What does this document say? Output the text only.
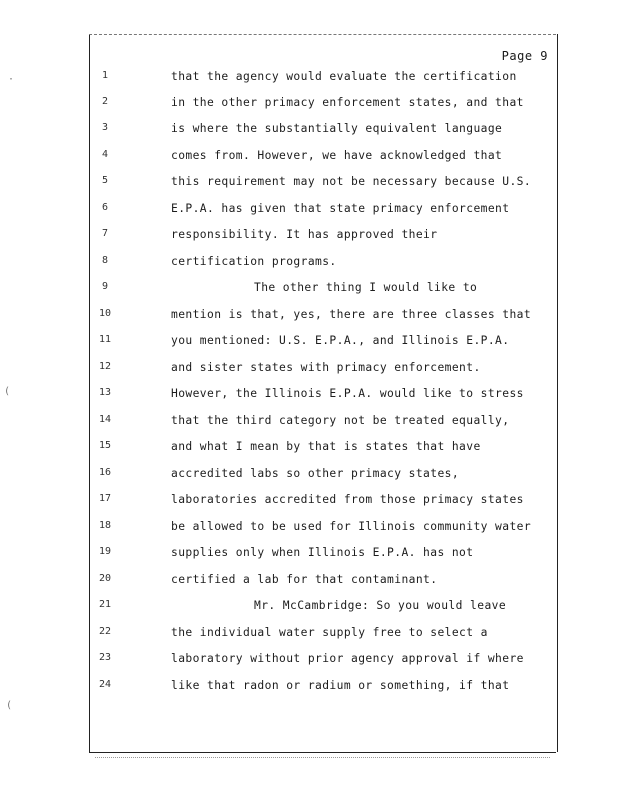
·
(
(
Page 9
1
2
3
4
5
6
7
8
9
10
11
12
13
14
15
16
17
18
19
20
21
22
23
24
that the agency would evaluate the certification
in the other primacy enforcement states, and that
is where the substantially equivalent language
comes from. However, we have acknowledged that
this requirement may not be necessary because U.S.
E.P.A. has given that state primacy enforcement
responsibility. It has approved their
certification programs.
The other thing I would like to
mention is that, yes, there are three classes that
you mentioned: U.S. E.P.A., and Illinois E.P.A.
and sister states with primacy enforcement.
However, the Illinois E.P.A. would like to stress
that the third category not be treated equally,
and what I mean by that is states that have
accredited labs so other primacy states,
laboratories accredited from those primacy states
be allowed to be used for Illinois community water
supplies only when Illinois E.P.A. has not
certified a lab for that contaminant.
Mr. McCambridge: So you would leave
the individual water supply free to select a
laboratory without prior agency approval if where
like that radon or radium or something, if that
